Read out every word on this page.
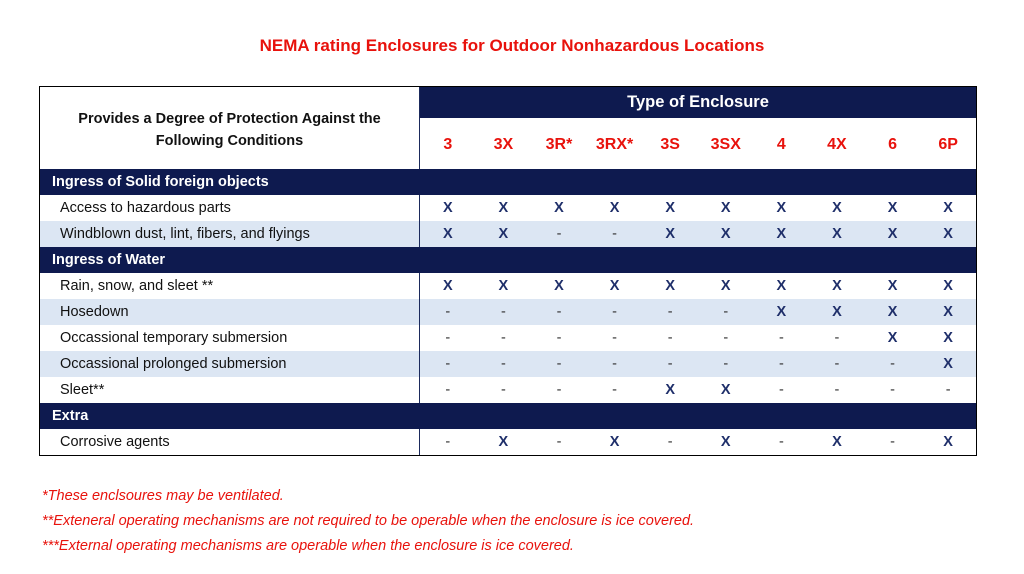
NEMA rating Enclosures for Outdoor Nonhazardous Locations
Provides a Degree of Protection Against the Following Conditions
Type of Enclosure
3	3X	3R*	3RX*	3S	3SX	4	4X	6	6P
Ingress of Solid foreign objects
Access to hazardous parts	X	X	X	X	X	X	X	X	X	X
Windblown dust, lint, fibers, and flyings	X	X	-	-	X	X	X	X	X	X
Ingress of Water
Rain, snow, and sleet **	X	X	X	X	X	X	X	X	X	X
Hosedown	-	-	-	-	-	-	X	X	X	X
Occassional temporary submersion	-	-	-	-	-	-	-	-	X	X
Occassional prolonged submersion	-	-	-	-	-	-	-	-	-	X
Sleet**	-	-	-	-	X	X	-	-	-	-
Extra
Corrosive agents	-	X	-	X	-	X	-	X	-	X
*These enclsoures may be ventilated.
**Exteneral operating mechanisms are not required to be operable when the enclosure is ice covered.
***External operating mechanisms are operable when the enclosure is ice covered.
